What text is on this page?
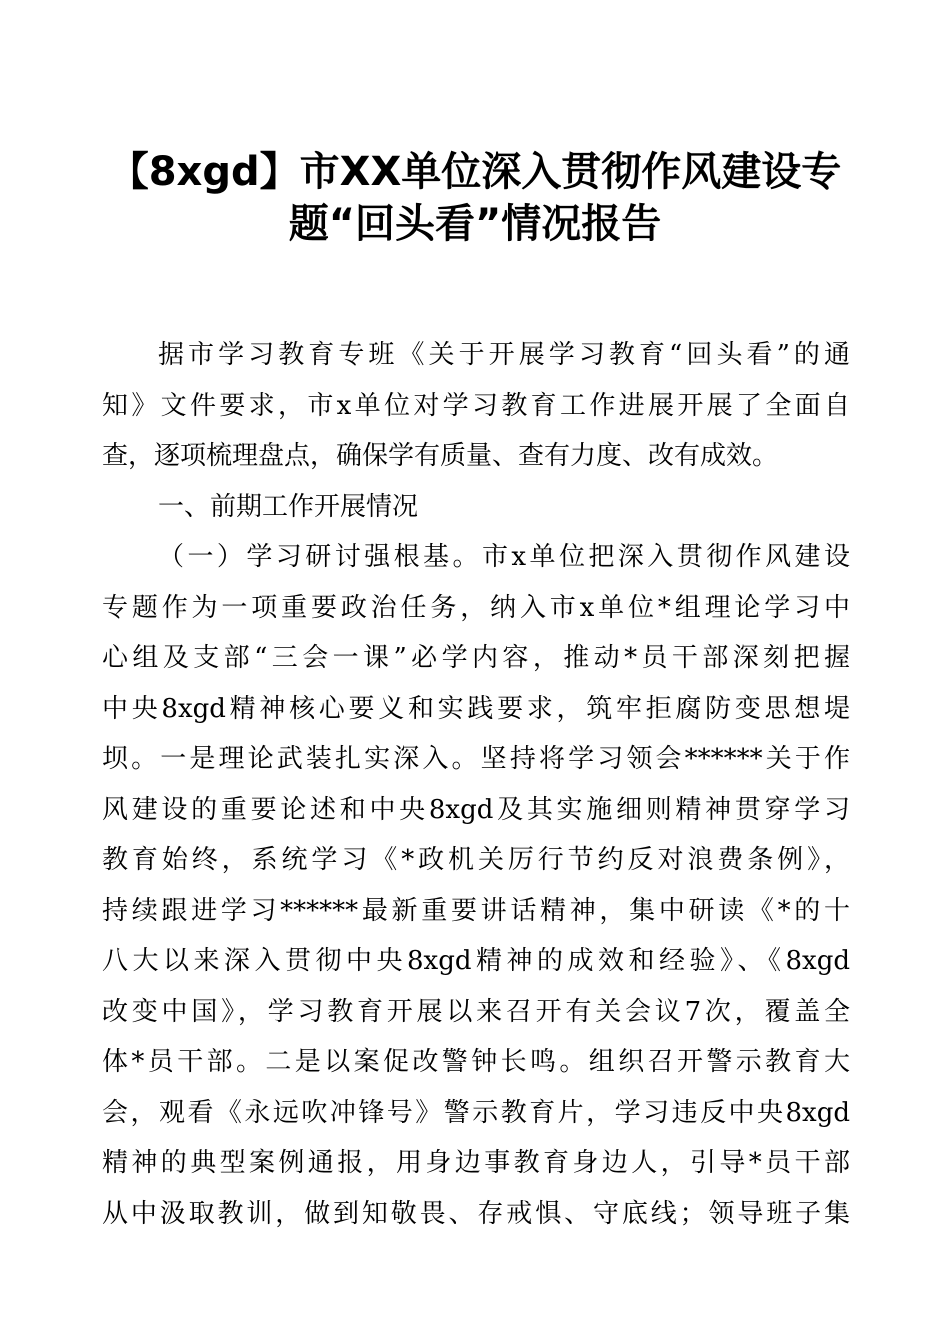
【8xgd】市XX单位深入贯彻作风建设专
题“回头看”情况报告
据市学习教育专班《关于开展学习教育“回头看”的通
知》文件要求，市x单位对学习教育工作进展开展了全面自
查，逐项梳理盘点，确保学有质量、查有力度、改有成效。
一、前期工作开展情况
（一）学习研讨强根基。市x单位把深入贯彻作风建设
专题作为一项重要政治任务，纳入市x单位*组理论学习中
心组及支部“三会一课”必学内容，推动*员干部深刻把握
中央8xgd精神核心要义和实践要求，筑牢拒腐防变思想堤
坝。一是理论武装扎实深入。坚持将学习领会******关于作
风建设的重要论述和中央8xgd及其实施细则精神贯穿学习
教育始终，系统学习《*政机关厉行节约反对浪费条例》，
持续跟进学习******最新重要讲话精神，集中研读《*的十
八大以来深入贯彻中央8xgd精神的成效和经验》、《8xgd
改变中国》，学习教育开展以来召开有关会议7次，覆盖全
体*员干部。二是以案促改警钟长鸣。组织召开警示教育大
会，观看《永远吹冲锋号》警示教育片，学习违反中央8xgd
精神的典型案例通报，用身边事教育身边人，引导*员干部
从中汲取教训，做到知敬畏、存戒惧、守底线；领导班子集
